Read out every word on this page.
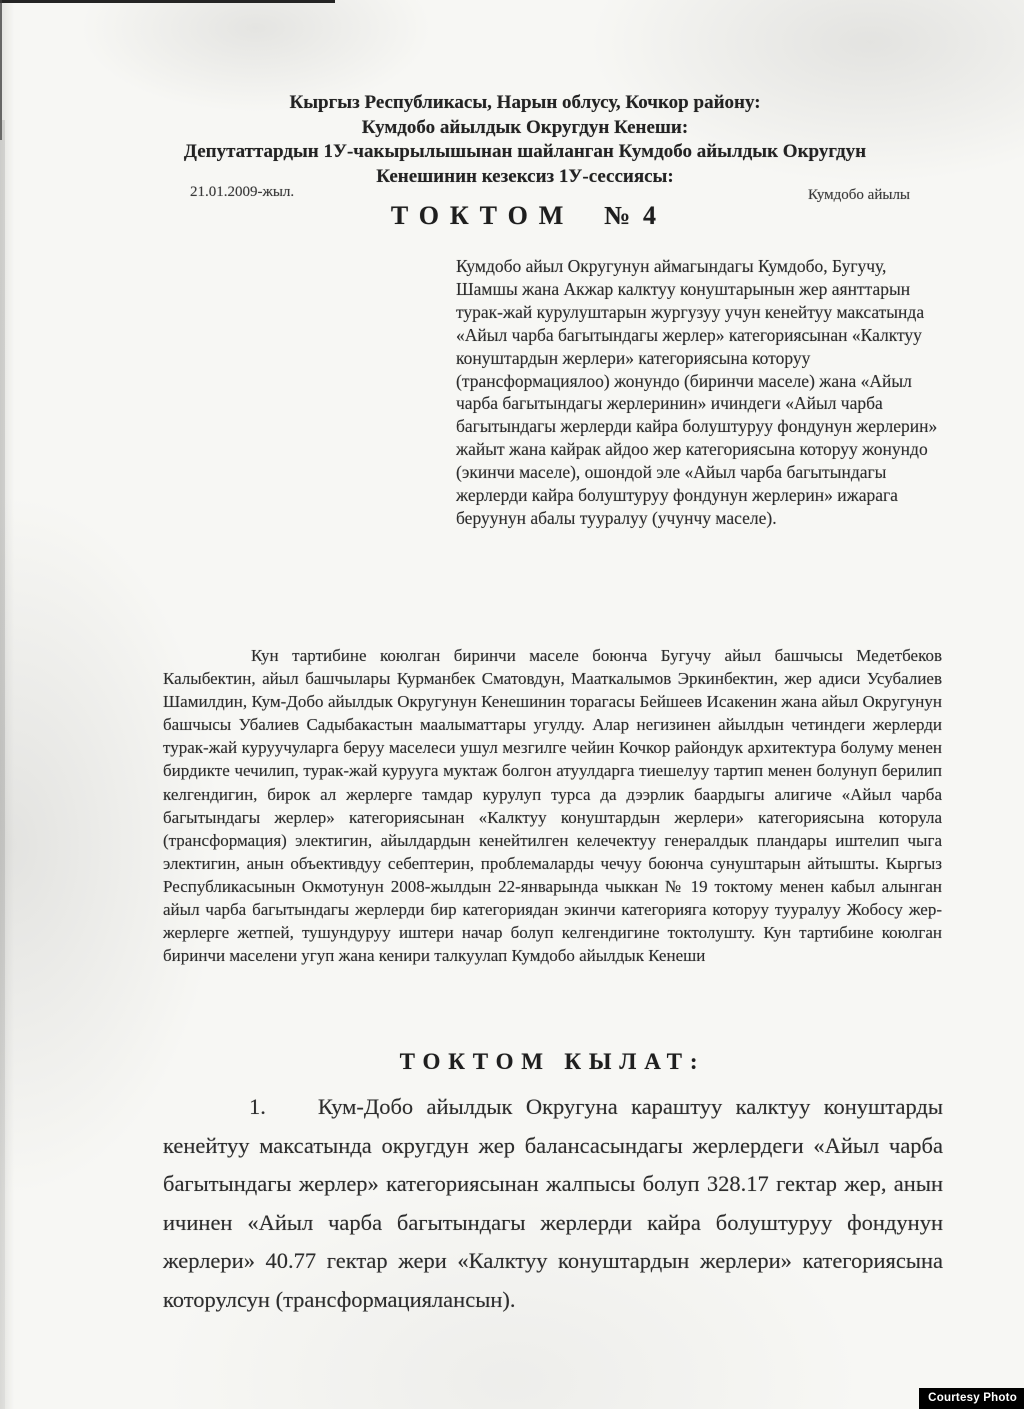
Кыргыз Республикасы, Нарын облусу, Кочкор району:
Кумдобо айылдык Округдун Кенеши:
Депутаттардын 1У-чакырылышынан шайланган Кумдобо айылдык Округдун
Кенешинин кезексиз 1У-сессиясы:
21.01.2009-жыл.	Кумдобо айылы
ТОКТОМ № 4
Кумдобо айыл Округунун аймагындагы Кумдобо, Бугучу, Шамшы жана Акжар калктуу конуштарынын жер аянттарын турак-жай курулуштарын жургузуу учун кенейтуу максатында «Айыл чарба багытындагы жерлер» категориясынан «Калктуу конуштардын жерлери» категориясына которуу (трансформациялоо) жонундо (биринчи маселе) жана «Айыл чарба багытындагы жерлеринин» ичиндеги «Айыл чарба багытындагы жерлерди кайра болуштуруу фондунун жерлерин» жайыт жана кайрак айдоо жер категориясына которуу жонундо (экинчи маселе), ошондой эле «Айыл чарба багытындагы жерлерди кайра болуштуруу фондунун жерлерин» ижарага беруунун абалы тууралуу (учунчу маселе).
Кун тартибине коюлган биринчи маселе боюнча Бугучу айыл башчысы Медетбеков Калыбектин, айыл башчылары Курманбек Сматовдун, Мааткалымов Эркинбектин, жер адиси Усубалиев Шамилдин, Кум-Добо айылдык Округунун Кенешинин торагасы Бейшеев Исакенин жана айыл Округунун башчысы Убалиев Садыбакастын маалыматтары угулду. Алар негизинен айылдын четиндеги жерлерди турак-жай куруучуларга беруу маселеси ушул мезгилге чейин Кочкор райондук архитектура болуму менен бирдикте чечилип, турак-жай курууга муктаж болгон атуулдарга тиешелуу тартип менен болунуп берилип келгендигин, бирок ал жерлерге тамдар курулуп турса да дээрлик баардыгы алигиче «Айыл чарба багытындагы жерлер» категориясынан «Калктуу конуштардын жерлери» категориясына которула (трансформация) электигин, айылдардын кенейтилген келечектуу генералдык пландары иштелип чыга электигин, анын объективдуу себептерин, проблемаларды чечуу боюнча сунуштарын айтышты. Кыргыз Республикасынын Окмотунун 2008-жылдын 22-январында чыккан № 19 токтому менен кабыл алынган айыл чарба багытындагы жерлерди бир категориядан экинчи категорияга которуу тууралуу Жобосу жер-жерлерге жетпей, тушундуруу иштери начар болуп келгендигине токтолушту. Кун тартибине коюлган биринчи маселени угуп жана кенири талкуулап Кумдобо айылдык Кенеши
ТОКТОМ КЫЛАТ:

1. Кум-Добо айылдык Округуна караштуу калктуу конуштарды кенейтуу максатында округдун жер балансасындагы жерлердеги «Айыл чарба багытындагы жерлер» категориясынан жалпысы болуп 328.17 гектар жер, анын ичинен «Айыл чарба багытындагы жерлерди кайра болуштуруу фондунун жерлери» 40.77 гектар жери «Калктуу конуштардын жерлери» категориясына которулсун (трансформациялансын).

Courtesy Photo
